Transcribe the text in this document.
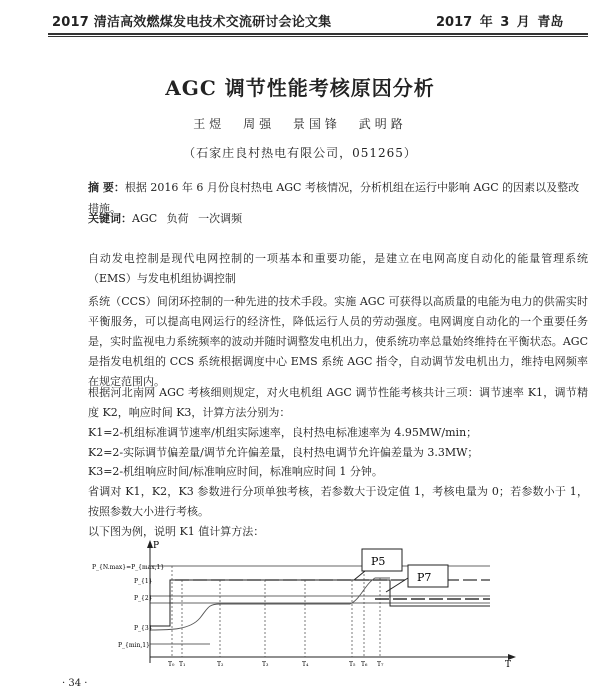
2017 清洁高效燃煤发电技术交流研讨会论文集	2017 年 3 月 青岛
AGC 调节性能考核原因分析
王煜 周强 景国锋 武明路
（石家庄良村热电有限公司，051265）
摘 要：根据 2016 年 6 月份良村热电 AGC 考核情况，分析机组在运行中影响 AGC 的因素以及整改措施。
关键词：AGC 负荷 一次调频
自动发电控制是现代电网控制的一项基本和重要功能，是建立在电网高度自动化的能量管理系统（EMS）与发电机组协调控制
系统（CCS）间闭环控制的一种先进的技术手段。实施 AGC 可获得以高质量的电能为电力的供需实时平衡服务，可以提高电网运行的经济性，降低运行人员的劳动强度。电网调度自动化的一个重要任务是，实时监视电力系统频率的波动并随时调整发电机出力，使系统功率总量始终维持在平衡状态。AGC 是指发电机组的 CCS 系统根据调度中心 EMS 系统 AGC 指令，自动调节发电机出力，维持电网频率在规定范围内。
根据河北南网 AGC 考核细则规定，对火电机组 AGC 调节性能考核共计三项：调节速率 K1，调节精度 K2，响应时间 K3，计算方法分别为：
K1=2-机组标准调节速率/机组实际速率，良村热电标准速率为 4.95MW/min；
K2=2-实际调节偏差量/调节允许偏差量，良村热电调节允许偏差量为 3.3MW；
K3=2-机组响应时间/标准响应时间，标准响应时间 1 分钟。
省调对 K1，K2，K3 参数进行分项单独考核，若参数大于设定值 1，考核电量为 0；若参数小于 1，按照参数大小进行考核。
以下图为例，说明 K1 值计算方法：
P
T
P_{N.max}=P_{max,1}
P_{1}
P_{2}
P_{3}
P_{min,1}
T₀ T₁	T₂	T₃	T₄	T₅ T₆ T₇
P5
P7
· 34 ·
